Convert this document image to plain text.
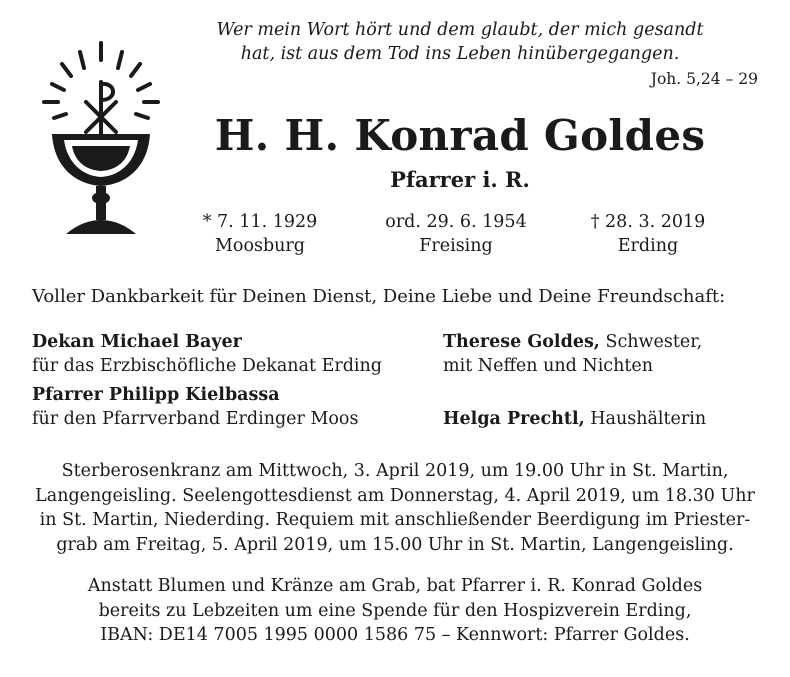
Wer mein Wort hört und dem glaubt, der mich gesandt
hat, ist aus dem Tod ins Leben hinübergegangen.
Joh. 5,24 – 29
H. H. Konrad Goldes
Pfarrer i. R.
* 7. 11. 1929
Moosburg
ord. 29. 6. 1954
Freising
† 28. 3. 2019
Erding
Voller Dankbarkeit für Deinen Dienst, Deine Liebe und Deine Freundschaft:
Dekan Michael Bayer
für das Erzbischöfliche Dekanat Erding
Pfarrer Philipp Kielbassa
für den Pfarrverband Erdinger Moos
Therese Goldes, Schwester,
mit Neffen und Nichten
Helga Prechtl, Haushälterin
Sterberosenkranz am Mittwoch, 3. April 2019, um 19.00 Uhr in St. Martin,
Langengeisling. Seelengottesdienst am Donnerstag, 4. April 2019, um 18.30 Uhr
in St. Martin, Niederding. Requiem mit anschließender Beerdigung im Priester-
grab am Freitag, 5. April 2019, um 15.00 Uhr in St. Martin, Langengeisling.
Anstatt Blumen und Kränze am Grab, bat Pfarrer i. R. Konrad Goldes
bereits zu Lebzeiten um eine Spende für den Hospizverein Erding,
IBAN: DE14 7005 1995 0000 1586 75 – Kennwort: Pfarrer Goldes.
